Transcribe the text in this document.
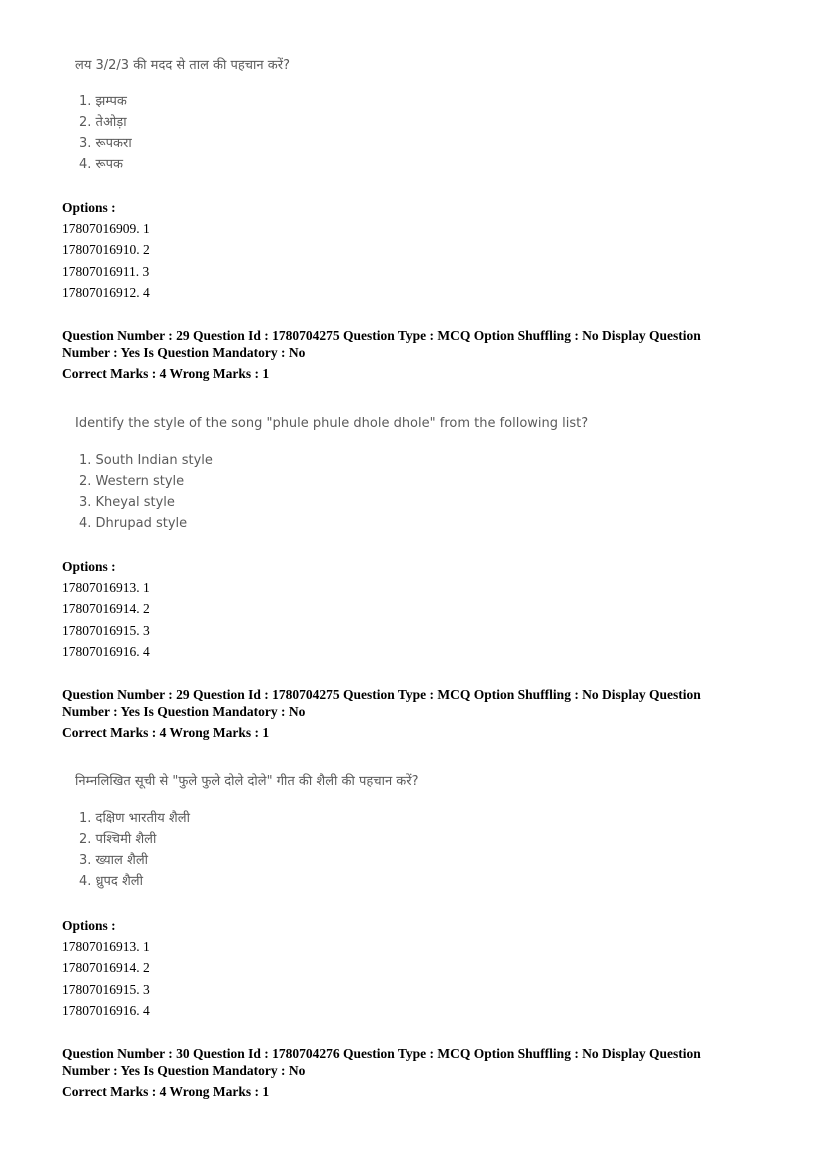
लय 3/2/3 की मदद से ताल की पहचान करें?
1. झम्पक
2. तेओड़ा
3. रूपकरा
4. रूपक
Options :
17807016909. 1
17807016910. 2
17807016911. 3
17807016912. 4
Question Number : 29 Question Id : 1780704275 Question Type : MCQ Option Shuffling : No Display Question
Number : Yes Is Question Mandatory : No
Correct Marks : 4 Wrong Marks : 1
Identify the style of the song "phule phule dhole dhole" from the following list?
1. South Indian style
2. Western style
3. Kheyal style
4. Dhrupad style
Options :
17807016913. 1
17807016914. 2
17807016915. 3
17807016916. 4
Question Number : 29 Question Id : 1780704275 Question Type : MCQ Option Shuffling : No Display Question
Number : Yes Is Question Mandatory : No
Correct Marks : 4 Wrong Marks : 1
निम्नलिखित सूची से "फुले फुले दोले दोले" गीत की शैली की पहचान करें?
1. दक्षिण भारतीय शैली
2. पश्चिमी शैली
3. ख्याल शैली
4. ध्रुपद शैली
Options :
17807016913. 1
17807016914. 2
17807016915. 3
17807016916. 4
Question Number : 30 Question Id : 1780704276 Question Type : MCQ Option Shuffling : No Display Question
Number : Yes Is Question Mandatory : No
Correct Marks : 4 Wrong Marks : 1
